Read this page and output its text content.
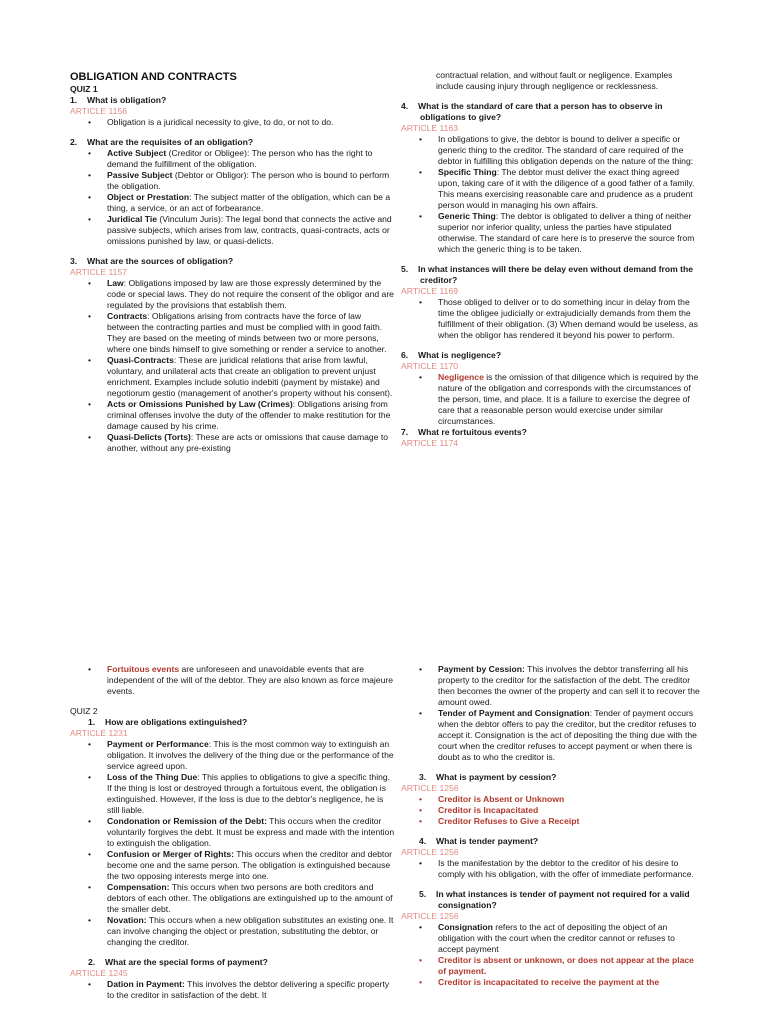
OBLIGATION AND CONTRACTS
QUIZ 1
1. What is obligation?
ARTICLE 1156
• Obligation is a juridical necessity to give, to do, or not to do.
2. What are the requisites of an obligation?
• Active Subject (Creditor or Obligee): The person who has the right to demand the fulfillment of the obligation.
• Passive Subject (Debtor or Obligor): The person who is bound to perform the obligation.
• Object or Prestation: The subject matter of the obligation, which can be a thing, a service, or an act of forbearance.
• Juridical Tie (Vinculum Juris): The legal bond that connects the active and passive subjects, which arises from law, contracts, quasi-contracts, acts or omissions punished by law, or quasi-delicts.
3. What are the sources of obligation?
ARTICLE 1157
• Law: Obligations imposed by law are those expressly determined by the code or special laws. They do not require the consent of the obligor and are regulated by the provisions that establish them.
• Contracts: Obligations arising from contracts have the force of law between the contracting parties and must be complied with in good faith. They are based on the meeting of minds between two or more persons, where one binds himself to give something or render a service to another.
• Quasi-Contracts: These are juridical relations that arise from lawful, voluntary, and unilateral acts that create an obligation to prevent unjust enrichment. Examples include solutio indebiti (payment by mistake) and negotiorum gestio (management of another's property without his consent).
• Acts or Omissions Punished by Law (Crimes): Obligations arising from criminal offenses involve the duty of the offender to make restitution for the damage caused by his crime.
• Quasi-Delicts (Torts): These are acts or omissions that cause damage to another, without any pre-existing
contractual relation, and without fault or negligence. Examples include causing injury through negligence or recklessness.
4. What is the standard of care that a person has to observe in obligations to give?
ARTICLE 1163
• In obligations to give, the debtor is bound to deliver a specific or generic thing to the creditor. The standard of care required of the debtor in fulfilling this obligation depends on the nature of the thing:
• Specific Thing: The debtor must deliver the exact thing agreed upon, taking care of it with the diligence of a good father of a family. This means exercising reasonable care and prudence as a prudent person would in managing his own affairs.
• Generic Thing: The debtor is obligated to deliver a thing of neither superior nor inferior quality, unless the parties have stipulated otherwise. The standard of care here is to preserve the source from which the generic thing is to be taken.
5. In what instances will there be delay even without demand from the creditor?
ARTICLE 1169
• Those obliged to deliver or to do something incur in delay from the time the obligee judicially or extrajudicially demands from them the fulfillment of their obligation. (3) When demand would be useless, as when the obligor has rendered it beyond his power to perform.
6. What is negligence?
ARTICLE 1170
• Negligence is the omission of that diligence which is required by the nature of the obligation and corresponds with the circumstances of the person, time, and place. It is a failure to exercise the degree of care that a reasonable person would exercise under similar circumstances.
7. What re fortuitous events?
ARTICLE 1174
• Fortuitous events are unforeseen and unavoidable events that are independent of the will of the debtor. They are also known as force majeure events.
QUIZ 2
1. How are obligations extinguished?
ARTICLE 1231
• Payment or Performance: This is the most common way to extinguish an obligation. It involves the delivery of the thing due or the performance of the service agreed upon.
• Loss of the Thing Due: This applies to obligations to give a specific thing. If the thing is lost or destroyed through a fortuitous event, the obligation is extinguished. However, if the loss is due to the debtor's negligence, he is still liable.
• Condonation or Remission of the Debt: This occurs when the creditor voluntarily forgives the debt. It must be express and made with the intention to extinguish the obligation.
• Confusion or Merger of Rights: This occurs when the creditor and debtor become one and the same person. The obligation is extinguished because the two opposing interests merge into one.
• Compensation: This occurs when two persons are both creditors and debtors of each other. The obligations are extinguished up to the amount of the smaller debt.
• Novation: This occurs when a new obligation substitutes an existing one. It can involve changing the object or prestation, substituting the debtor, or changing the creditor.
2. What are the special forms of payment?
ARTICLE 1245
• Dation in Payment: This involves the debtor delivering a specific property to the creditor in satisfaction of the debt. It
• Payment by Cession: This involves the debtor transferring all his property to the creditor for the satisfaction of the debt. The creditor then becomes the owner of the property and can sell it to recover the amount owed.
• Tender of Payment and Consignation: Tender of payment occurs when the debtor offers to pay the creditor, but the creditor refuses to accept it. Consignation is the act of depositing the thing due with the court when the creditor refuses to accept payment or when there is doubt as to who the creditor is.
3. What is payment by cession?
ARTICLE 1256
• Creditor is Absent or Unknown
• Creditor is Incapacitated
• Creditor Refuses to Give a Receipt
4. What is tender payment?
ARTICLE 1256
• Is the manifestation by the debtor to the creditor of his desire to comply with his obligation, with the offer of immediate performance.
5. In what instances is tender of payment not required for a valid consignation?
ARTICLE 1256
• Consignation refers to the act of depositing the object of an obligation with the court when the creditor cannot or refuses to accept payment
• Creditor is absent or unknown, or does not appear at the place of payment.
• Creditor is incapacitated to receive the payment at the
